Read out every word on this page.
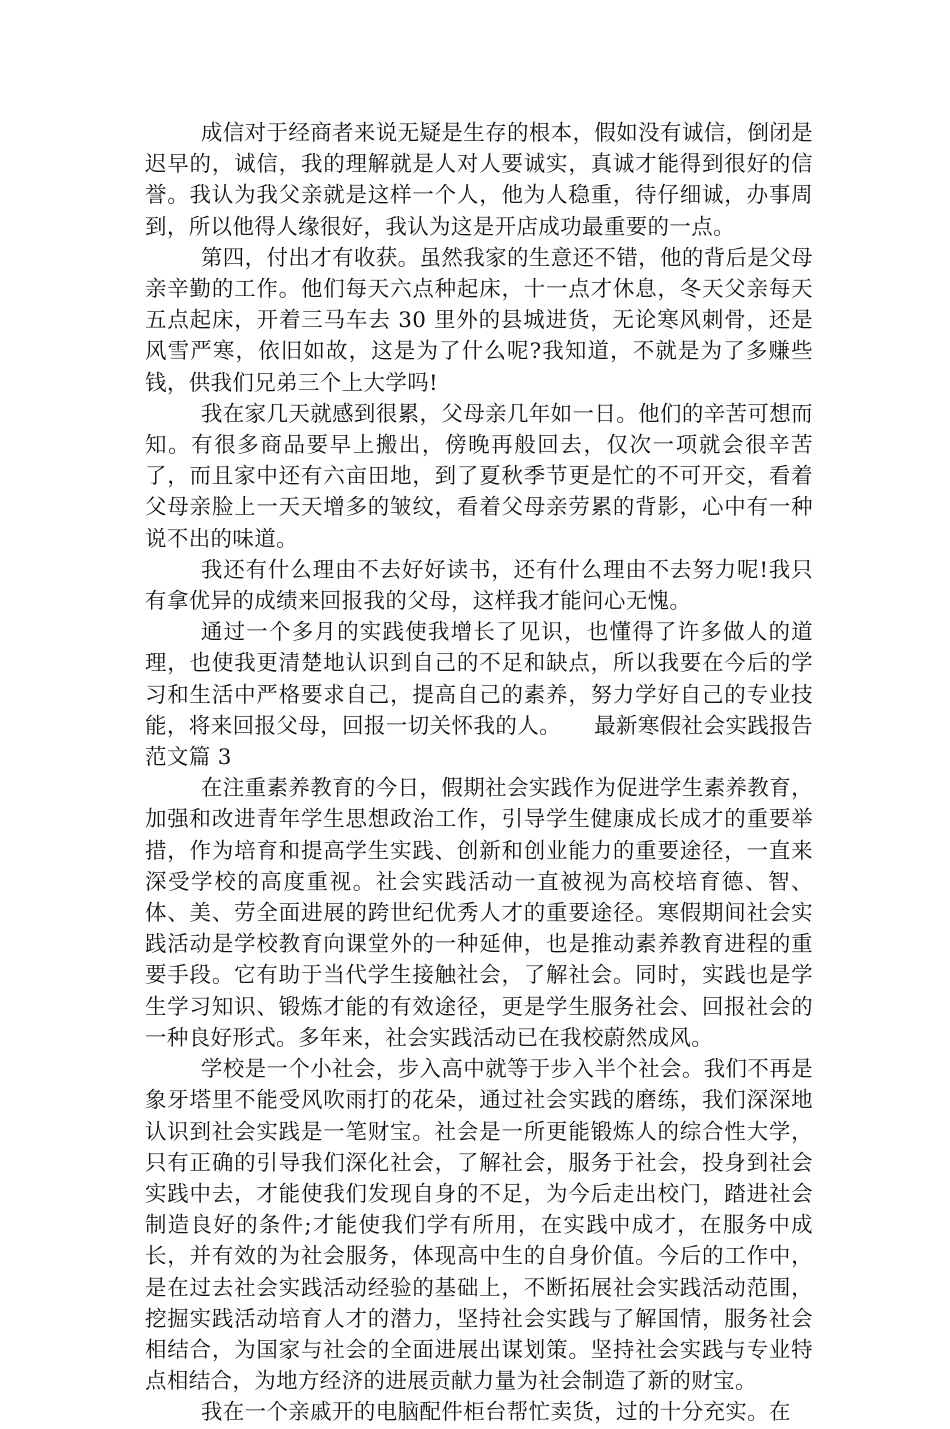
成信对于经商者来说无疑是生存的根本，假如没有诚信，倒闭是迟早的，诚信，我的理解就是人对人要诚实，真诚才能得到很好的信誉。我认为我父亲就是这样一个人，他为人稳重，待仔细诚，办事周到，所以他得人缘很好，我认为这是开店成功最重要的一点。

第四，付出才有收获。虽然我家的生意还不错，他的背后是父母亲辛勤的工作。他们每天六点种起床，十一点才休息，冬天父亲每天五点起床，开着三马车去 30 里外的县城进货，无论寒风刺骨，还是风雪严寒，依旧如故，这是为了什么呢?我知道，不就是为了多赚些钱，供我们兄弟三个上大学吗!

我在家几天就感到很累，父母亲几年如一日。他们的辛苦可想而知。有很多商品要早上搬出，傍晚再般回去，仅次一项就会很辛苦了，而且家中还有六亩田地，到了夏秋季节更是忙的不可开交，看着父母亲脸上一天天增多的皱纹，看着父母亲劳累的背影，心中有一种说不出的味道。

我还有什么理由不去好好读书，还有什么理由不去努力呢!我只有拿优异的成绩来回报我的父母，这样我才能问心无愧。

通过一个多月的实践使我增长了见识，也懂得了许多做人的道理，也使我更清楚地认识到自己的不足和缺点，所以我要在今后的学习和生活中严格要求自己，提高自己的素养，努力学好自己的专业技能，将来回报父母，回报一切关怀我的人。　　最新寒假社会实践报告范文篇 3

在注重素养教育的今日，假期社会实践作为促进学生素养教育，加强和改进青年学生思想政治工作，引导学生健康成长成才的重要举措，作为培育和提高学生实践、创新和创业能力的重要途径，一直来深受学校的高度重视。社会实践活动一直被视为高校培育德、智、体、美、劳全面进展的跨世纪优秀人才的重要途径。寒假期间社会实践活动是学校教育向课堂外的一种延伸，也是推动素养教育进程的重要手段。它有助于当代学生接触社会，了解社会。同时，实践也是学生学习知识、锻炼才能的有效途径，更是学生服务社会、回报社会的一种良好形式。多年来，社会实践活动已在我校蔚然成风。

学校是一个小社会，步入高中就等于步入半个社会。我们不再是象牙塔里不能受风吹雨打的花朵，通过社会实践的磨练，我们深深地认识到社会实践是一笔财宝。社会是一所更能锻炼人的综合性大学，只有正确的引导我们深化社会，了解社会，服务于社会，投身到社会实践中去，才能使我们发现自身的不足，为今后走出校门，踏进社会制造良好的条件;才能使我们学有所用，在实践中成才，在服务中成长，并有效的为社会服务，体现高中生的自身价值。今后的工作中，是在过去社会实践活动经验的基础上，不断拓展社会实践活动范围，挖掘实践活动培育人才的潜力，坚持社会实践与了解国情，服务社会相结合，为国家与社会的全面进展出谋划策。坚持社会实践与专业特点相结合，为地方经济的进展贡献力量为社会制造了新的财宝。

我在一个亲戚开的电脑配件柜台帮忙卖货，过的十分充实。在
